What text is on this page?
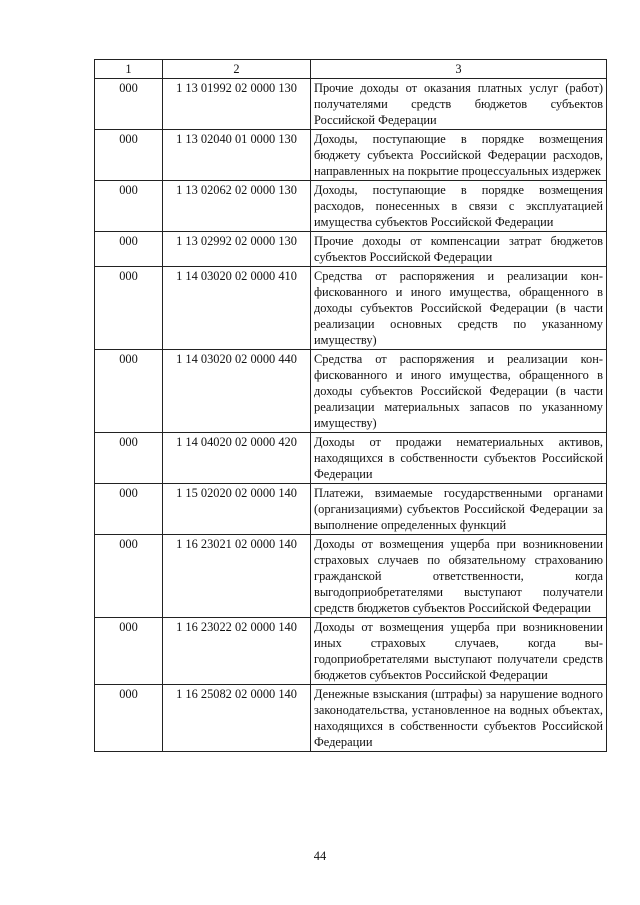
1	2	3
000	1 13 01992 02 0000 130	Прочие доходы от оказания платных услуг (работ) получателями средств бюджетов субъектов Российской Федерации
000	1 13 02040 01 0000 130	Доходы, поступающие в порядке возмещения бюджету субъекта Российской Федерации расходов, направленных на покрытие процессуальных издержек
000	1 13 02062 02 0000 130	Доходы, поступающие в порядке возмещения расходов, понесенных в связи с эксплуатацией имущества субъектов Российской Федерации
000	1 13 02992 02 0000 130	Прочие доходы от компенсации затрат бюджетов субъектов Российской Федерации
000	1 14 03020 02 0000 410	Средства от распоряжения и реализации конфискованного и иного имущества, обращенного в доходы субъектов Российской Федерации (в части реализации основных средств по указанному имуществу)
000	1 14 03020 02 0000 440	Средства от распоряжения и реализации конфискованного и иного имущества, обращенного в доходы субъектов Российской Федерации (в части реализации материальных запасов по указанному имуществу)
000	1 14 04020 02 0000 420	Доходы от продажи нематериальных активов, находящихся в собственности субъектов Российской Федерации
000	1 15 02020 02 0000 140	Платежи, взимаемые государственными органами (организациями) субъектов Российской Федерации за выполнение определенных функций
000	1 16 23021 02 0000 140	Доходы от возмещения ущерба при возникновении страховых случаев по обязательному страхованию гражданской ответственности, когда выгодоприобретателями выступают получатели средств бюджетов субъектов Российской Федерации
000	1 16 23022 02 0000 140	Доходы от возмещения ущерба при возникновении иных страховых случаев, когда выгодоприобретателями выступают получатели средств бюджетов субъектов Российской Федерации
000	1 16 25082 02 0000 140	Денежные взыскания (штрафы) за нарушение водного законодательства, установленное на водных объектах, находящихся в собственности субъектов Российской Федерации
44
